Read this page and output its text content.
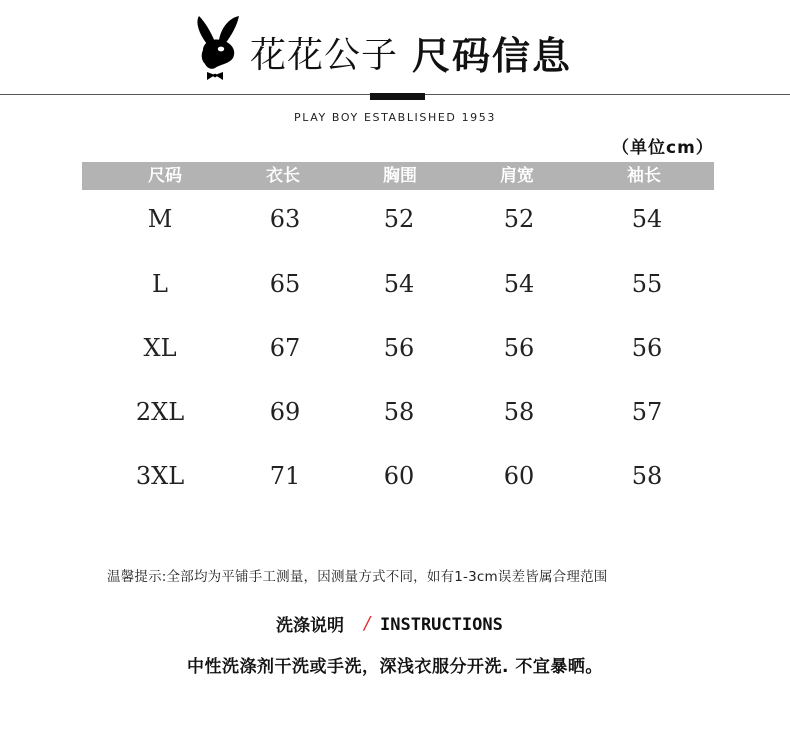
花花公子 尺码信息
PLAY BOY ESTABLISHED 1953
（单位cm）
尺码	衣长	胸围	肩宽	袖长
M	63	52	52	54
L	65	54	54	55
XL	67	56	56	56
2XL	69	58	58	57
3XL	71	60	60	58
温馨提示:全部均为平铺手工测量，因测量方式不同，如有1-3cm误差皆属合理范围
洗涤说明 / INSTRUCTIONS
中性洗涤剂干洗或手洗，深浅衣服分开洗. 不宜暴晒。
